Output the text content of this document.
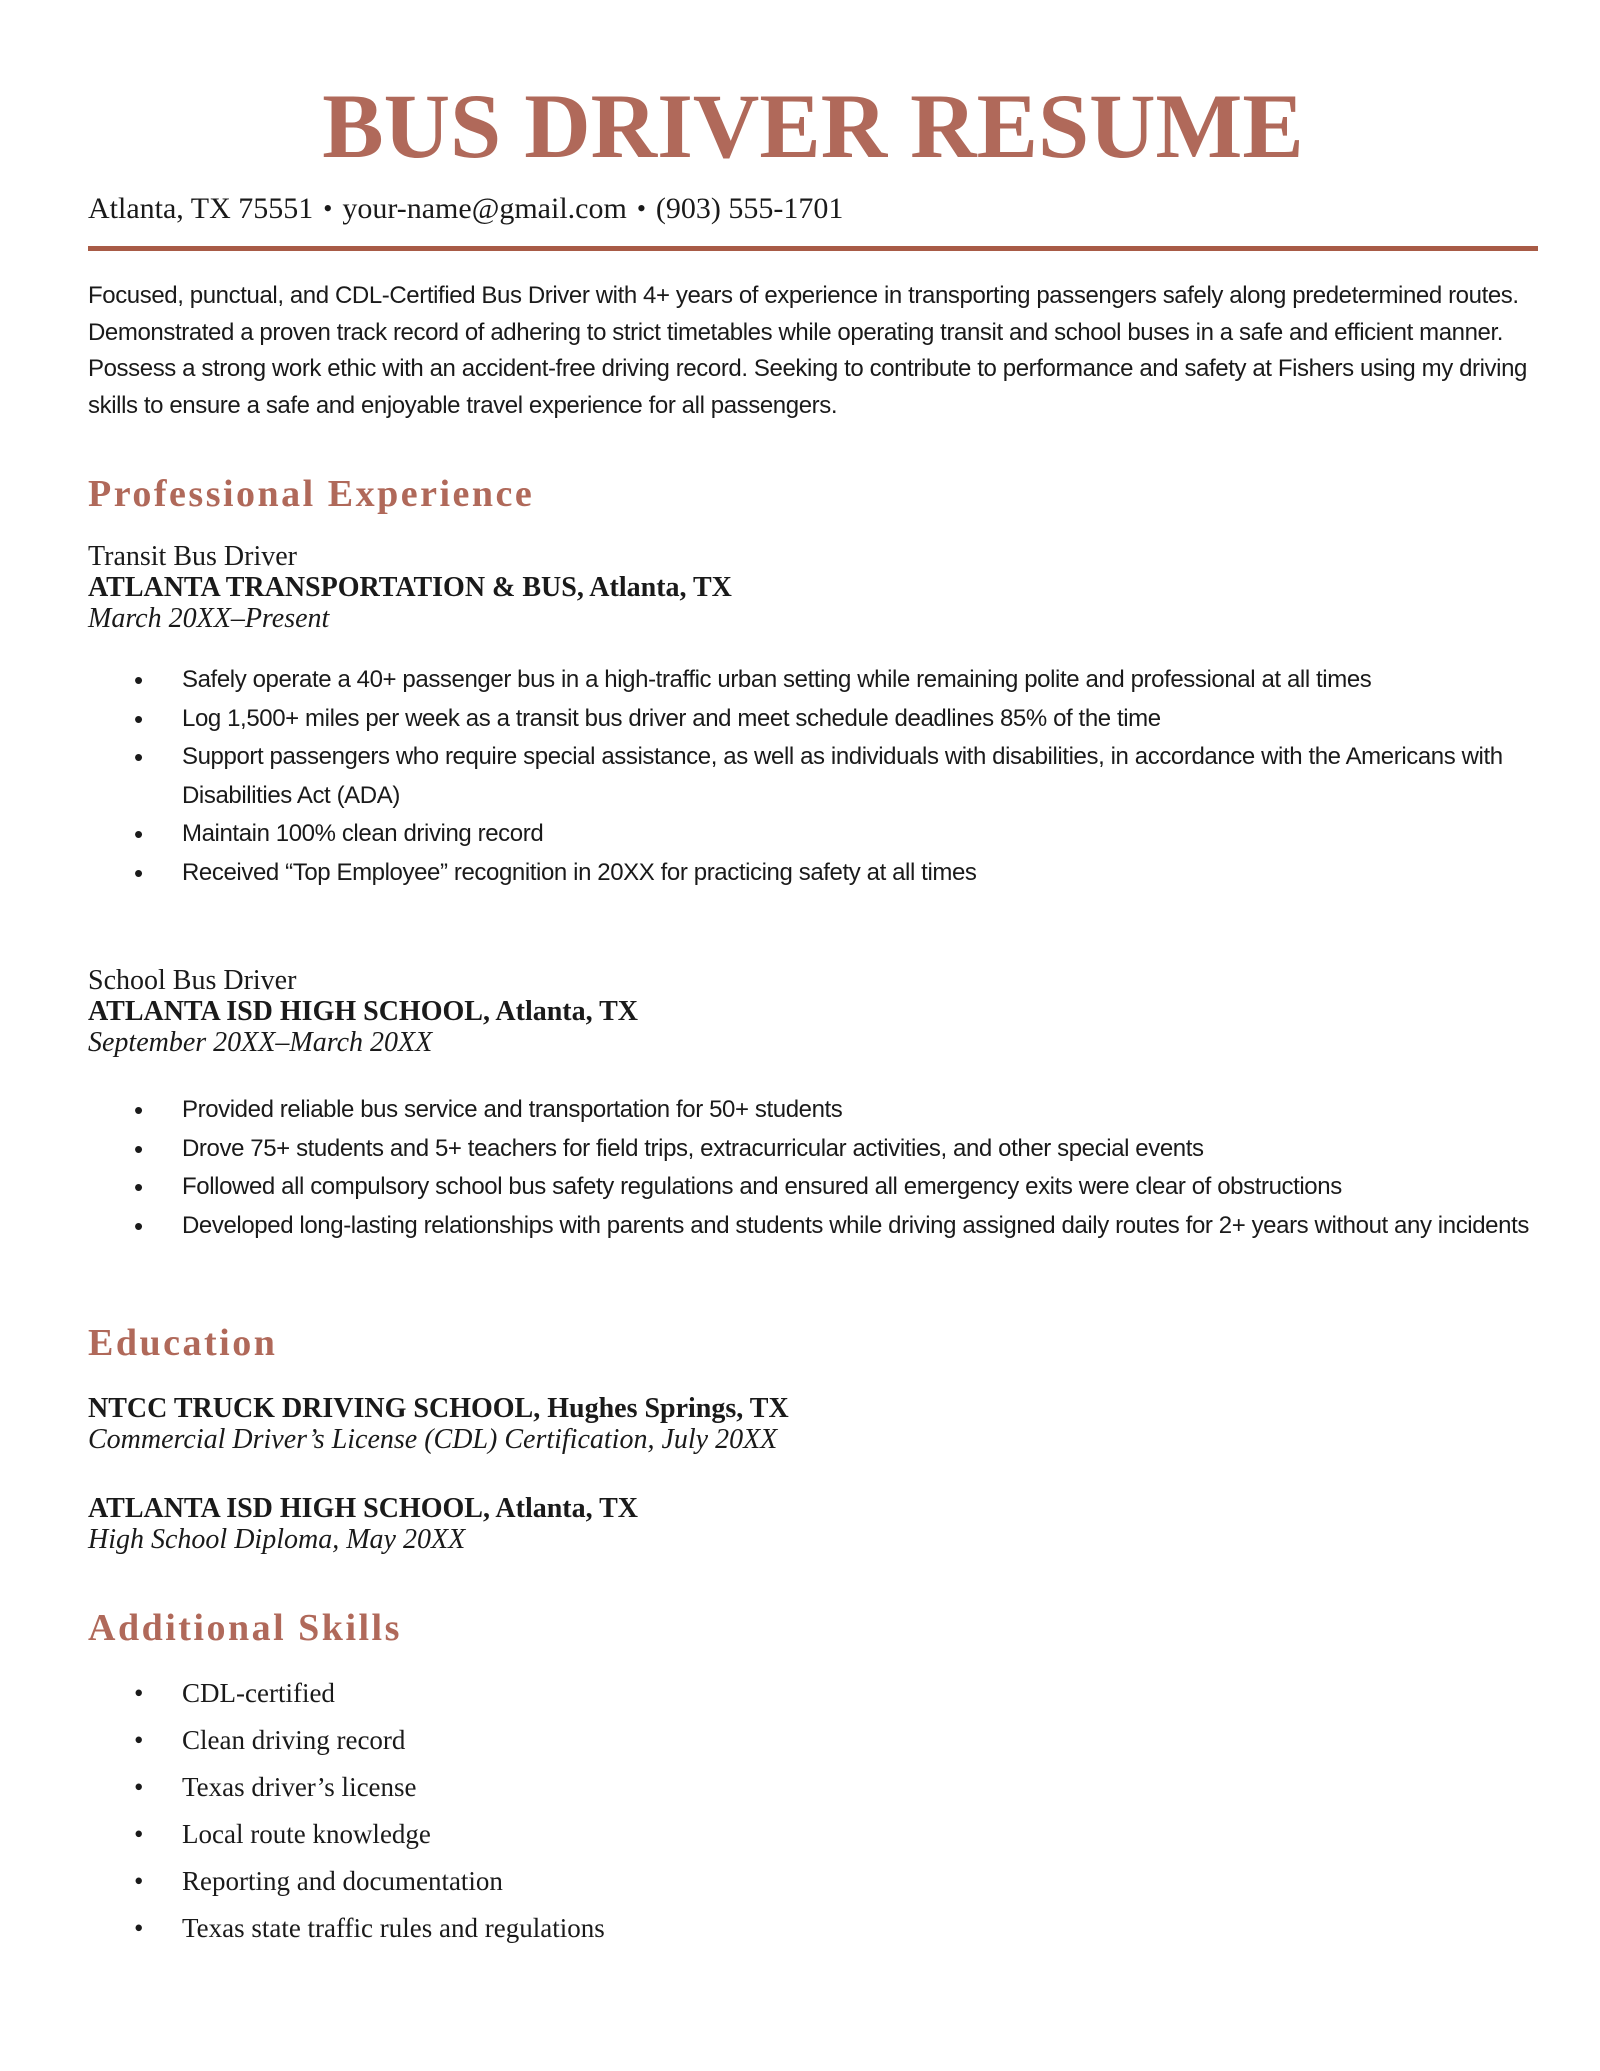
BUS DRIVER RESUME
Atlanta, TX 75551 • your-name@gmail.com • (903) 555-1701

Focused, punctual, and CDL-Certified Bus Driver with 4+ years of experience in transporting passengers safely along predetermined routes. Demonstrated a proven track record of adhering to strict timetables while operating transit and school buses in a safe and efficient manner. Possess a strong work ethic with an accident-free driving record. Seeking to contribute to performance and safety at Fishers using my driving skills to ensure a safe and enjoyable travel experience for all passengers.

Professional Experience
Transit Bus Driver
ATLANTA TRANSPORTATION & BUS, Atlanta, TX
March 20XX–Present
• Safely operate a 40+ passenger bus in a high-traffic urban setting while remaining polite and professional at all times
• Log 1,500+ miles per week as a transit bus driver and meet schedule deadlines 85% of the time
• Support passengers who require special assistance, as well as individuals with disabilities, in accordance with the Americans with Disabilities Act (ADA)
• Maintain 100% clean driving record
• Received “Top Employee” recognition in 20XX for practicing safety at all times
School Bus Driver
ATLANTA ISD HIGH SCHOOL, Atlanta, TX
September 20XX–March 20XX
• Provided reliable bus service and transportation for 50+ students
• Drove 75+ students and 5+ teachers for field trips, extracurricular activities, and other special events
• Followed all compulsory school bus safety regulations and ensured all emergency exits were clear of obstructions
• Developed long-lasting relationships with parents and students while driving assigned daily routes for 2+ years without any incidents
Education
NTCC TRUCK DRIVING SCHOOL, Hughes Springs, TX
Commercial Driver’s License (CDL) Certification, July 20XX
ATLANTA ISD HIGH SCHOOL, Atlanta, TX
High School Diploma, May 20XX
Additional Skills
• CDL-certified
• Clean driving record
• Texas driver’s license
• Local route knowledge
• Reporting and documentation
• Texas state traffic rules and regulations
